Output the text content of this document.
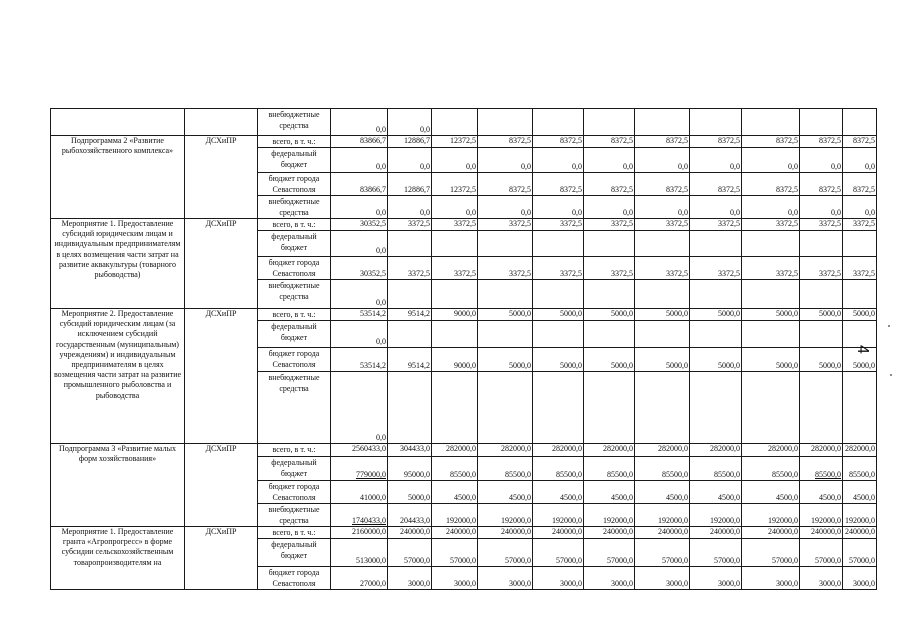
		внебюджетные средства	0,0	0,0									
Подпрограмма 2 «Развитие рыбохозяйственного комплекса»	ДСХиПР	всего, в т. ч.:	83866,7	12886,7	12372,5	8372,5	8372,5	8372,5	8372,5	8372,5	8372,5	8372,5	8372,5
		федеральный бюджет	0,0	0,0	0,0	0,0	0,0	0,0	0,0	0,0	0,0	0,0	0,0
		бюджет города Севастополя	83866,7	12886,7	12372,5	8372,5	8372,5	8372,5	8372,5	8372,5	8372,5	8372,5	8372,5
		внебюджетные средства	0,0	0,0	0,0	0,0	0,0	0,0	0,0	0,0	0,0	0,0	0,0
Мероприятие 1. Предоставление субсидий юридическим лицам и индивидуальным предпринимателям в целях возмещения части затрат на развитие аквакультуры (товарного рыбоводства)	ДСХиПР	всего, в т. ч.:	30352,5	3372,5	3372,5	3372,5	3372,5	3372,5	3372,5	3372,5	3372,5	3372,5	3372,5
		федеральный бюджет	0,0										
		бюджет города Севастополя	30352,5	3372,5	3372,5	3372,5	3372,5	3372,5	3372,5	3372,5	3372,5	3372,5	3372,5
		внебюджетные средства	0,0										
Мероприятие 2. Предоставление субсидий юридическим лицам (за исключением субсидий государственным (муниципальным) учреждениям) и индивидуальным предпринимателям в целях возмещения части затрат на развитие промышленного рыболовства и рыбоводства	ДСХиПР	всего, в т. ч.:	53514,2	9514,2	9000,0	5000,0	5000,0	5000,0	5000,0	5000,0	5000,0	5000,0	5000,0
		федеральный бюджет	0,0										
		бюджет города Севастополя	53514,2	9514,2	9000,0	5000,0	5000,0	5000,0	5000,0	5000,0	5000,0	5000,0	5000,0
		внебюджетные средства	0,0										
Подпрограмма 3 «Развитие малых форм хозяйствования»	ДСХиПР	всего, в т. ч.:	2560433,0	304433,0	282000,0	282000,0	282000,0	282000,0	282000,0	282000,0	282000,0	282000,0	282000,0
		федеральный бюджет	779000,0	95000,0	85500,0	85500,0	85500,0	85500,0	85500,0	85500,0	85500,0	85500,0	85500,0
		бюджет города Севастополя	41000,0	5000,0	4500,0	4500,0	4500,0	4500,0	4500,0	4500,0	4500,0	4500,0	4500,0
		внебюджетные средства	1740433,0	204433,0	192000,0	192000,0	192000,0	192000,0	192000,0	192000,0	192000,0	192000,0	192000,0
Мероприятие 1. Предоставление гранта «Агропрогресс» в форме субсидии сельскохозяйственным товаропроизводителям на	ДСХиПР	всего, в т. ч.:	2160000,0	240000,0	240000,0	240000,0	240000,0	240000,0	240000,0	240000,0	240000,0	240000,0	240000,0
		федеральный бюджет	513000,0	57000,0	57000,0	57000,0	57000,0	57000,0	57000,0	57000,0	57000,0	57000,0	57000,0
		бюджет города Севастополя	27000,0	3000,0	3000,0	3000,0	3000,0	3000,0	3000,0	3000,0	3000,0	3000,0	3000,0
4
